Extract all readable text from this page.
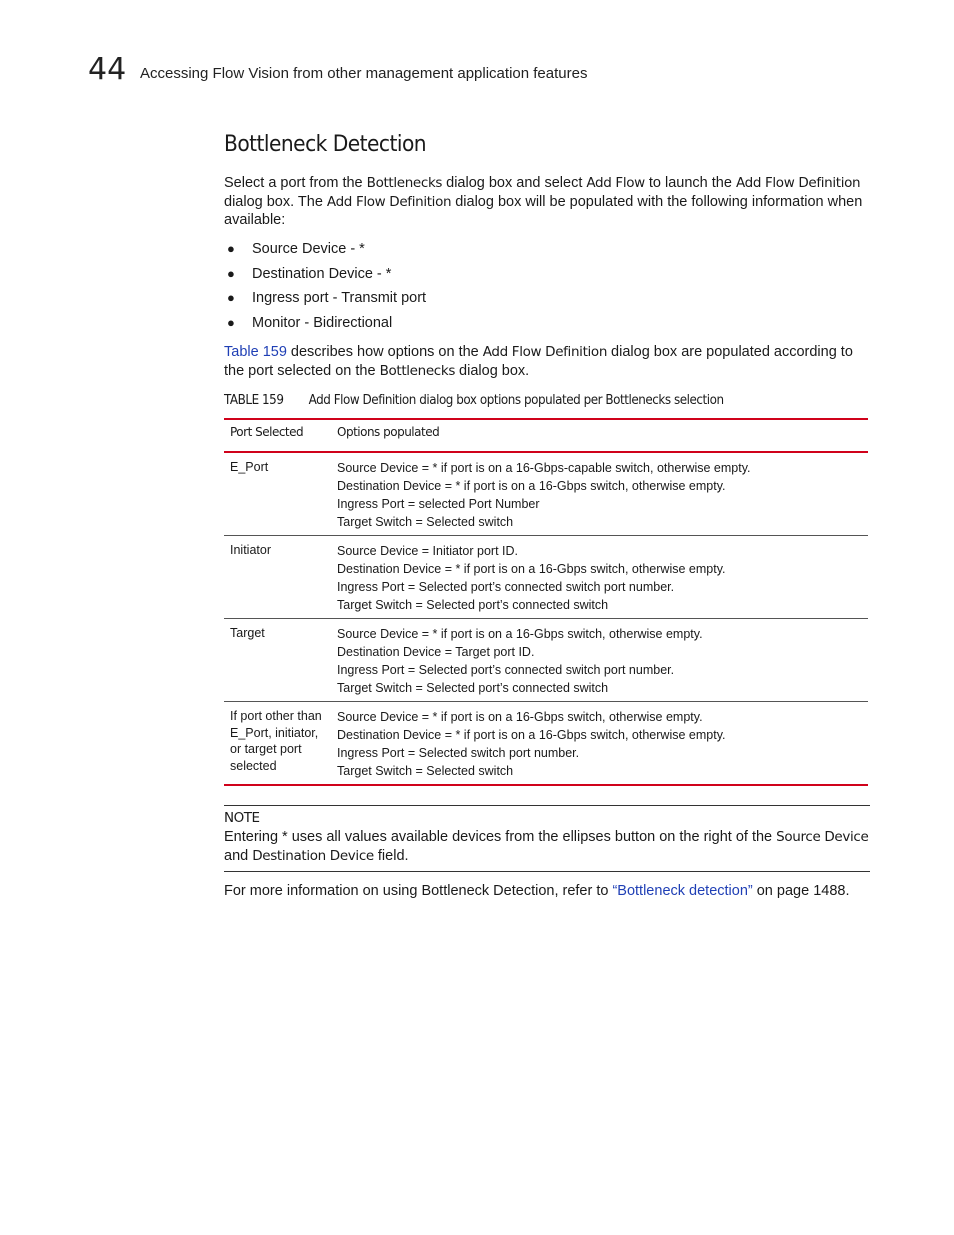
44 Accessing Flow Vision from other management application features
Bottleneck Detection

Select a port from the Bottlenecks dialog box and select Add Flow to launch the Add Flow Definition dialog box. The Add Flow Definition dialog box will be populated with the following information when available:

● Source Device - *
● Destination Device - *
● Ingress port - Transmit port
● Monitor - Bidirectional

Table 159 describes how options on the Add Flow Definition dialog box are populated according to the port selected on the Bottlenecks dialog box.

TABLE 159 Add Flow Definition dialog box options populated per Bottlenecks selection
Port Selected	Options populated
E_Port	Source Device = * if port is on a 16-Gbps-capable switch, otherwise empty.
Destination Device = * if port is on a 16-Gbps switch, otherwise empty.
Ingress Port = selected Port Number
Target Switch = Selected switch

Initiator	Source Device = Initiator port ID.
Destination Device = * if port is on a 16-Gbps switch, otherwise empty.
Ingress Port = Selected port’s connected switch port number.
Target Switch = Selected port’s connected switch

Target	Source Device = * if port is on a 16-Gbps switch, otherwise empty.
Destination Device = Target port ID.
Ingress Port = Selected port’s connected switch port number.
Target Switch = Selected port’s connected switch

If port other than E_Port, initiator, or target port selected	Source Device = * if port is on a 16-Gbps switch, otherwise empty.
Destination Device = * if port is on a 16-Gbps switch, otherwise empty.
Ingress Port = Selected switch port number.
Target Switch = Selected switch
NOTE

Entering * uses all values available devices from the ellipses button on the right of the Source Device and Destination Device field.

For more information on using Bottleneck Detection, refer to “Bottleneck detection” on page 1488.
